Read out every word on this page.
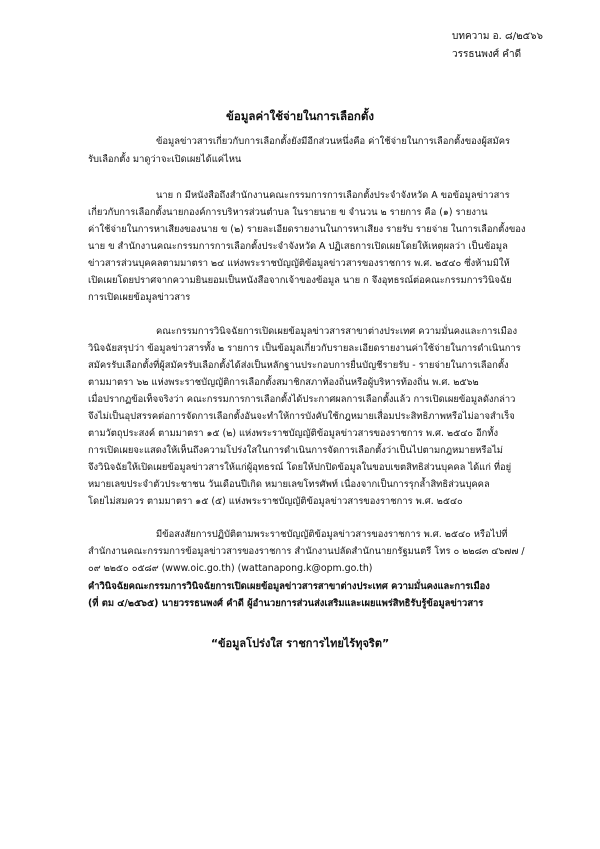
บทความ อ. ๘/๒๕๖๖
วรรธนพงศ์ คำดี
ข้อมูลค่าใช้จ่ายในการเลือกตั้ง
ข้อมูลข่าวสารเกี่ยวกับการเลือกตั้งยังมีอีกส่วนหนึ่งคือ ค่าใช้จ่ายในการเลือกตั้งของผู้สมัคร
รับเลือกตั้ง มาดูว่าจะเปิดเผยได้แค่ไหน
นาย ก มีหนังสือถึงสำนักงานคณะกรรมการการเลือกตั้งประจำจังหวัด A ขอข้อมูลข่าวสาร
เกี่ยวกับการเลือกตั้งนายกองค์การบริหารส่วนตำบล ในรายนาย ข จำนวน ๒ รายการ คือ (๑) รายงาน
ค่าใช้จ่ายในการหาเสียงของนาย ข (๒) รายละเอียดรายงานในการหาเสียง รายรับ รายจ่าย ในการเลือกตั้งของ
นาย ข สำนักงานคณะกรรมการการเลือกตั้งประจำจังหวัด A ปฏิเสธการเปิดเผยโดยให้เหตุผลว่า เป็นข้อมูล
ข่าวสารส่วนบุคคลตามมาตรา ๒๔ แห่งพระราชบัญญัติข้อมูลข่าวสารของราชการ พ.ศ. ๒๕๔๐ ซึ่งห้ามมิให้
เปิดเผยโดยปราศจากความยินยอมเป็นหนังสือจากเจ้าของข้อมูล นาย ก จึงอุทธรณ์ต่อคณะกรรมการวินิจฉัย
การเปิดเผยข้อมูลข่าวสาร
คณะกรรมการวินิจฉัยการเปิดเผยข้อมูลข่าวสารสาขาต่างประเทศ ความมั่นคงและการเมือง
วินิจฉัยสรุปว่า ข้อมูลข่าวสารทั้ง ๒ รายการ เป็นข้อมูลเกี่ยวกับรายละเอียดรายงานค่าใช้จ่ายในการดำเนินการ
สมัครรับเลือกตั้งที่ผู้สมัครรับเลือกตั้งได้ส่งเป็นหลักฐานประกอบการยื่นบัญชีรายรับ - รายจ่ายในการเลือกตั้ง
ตามมาตรา ๖๒ แห่งพระราชบัญญัติการเลือกตั้งสมาชิกสภาท้องถิ่นหรือผู้บริหารท้องถิ่น พ.ศ. ๒๕๖๒
เมื่อปรากฏข้อเท็จจริงว่า คณะกรรมการการเลือกตั้งได้ประกาศผลการเลือกตั้งแล้ว การเปิดเผยข้อมูลดังกล่าว
จึงไม่เป็นอุปสรรคต่อการจัดการเลือกตั้งอันจะทำให้การบังคับใช้กฎหมายเสื่อมประสิทธิภาพหรือไม่อาจสำเร็จ
ตามวัตถุประสงค์ ตามมาตรา ๑๕ (๒) แห่งพระราชบัญญัติข้อมูลข่าวสารของราชการ พ.ศ. ๒๕๔๐ อีกทั้ง
การเปิดเผยจะแสดงให้เห็นถึงความโปร่งใสในการดำเนินการจัดการเลือกตั้งว่าเป็นไปตามกฎหมายหรือไม่
จึงวินิจฉัยให้เปิดเผยข้อมูลข่าวสารให้แก่ผู้อุทธรณ์ โดยให้ปกปิดข้อมูลในขอบเขตสิทธิส่วนบุคคล ได้แก่ ที่อยู่
หมายเลขประจำตัวประชาชน วันเดือนปีเกิด หมายเลขโทรศัพท์ เนื่องจากเป็นการรุกล้ำสิทธิส่วนบุคคล
โดยไม่สมควร ตามมาตรา ๑๕ (๕) แห่งพระราชบัญญัติข้อมูลข่าวสารของราชการ พ.ศ. ๒๕๔๐
มีข้อสงสัยการปฏิบัติตามพระราชบัญญัติข้อมูลข่าวสารของราชการ พ.ศ. ๒๕๔๐ หรือไปที่
สำนักงานคณะกรรมการข้อมูลข่าวสารของราชการ สำนักงานปลัดสำนักนายกรัฐมนตรี โทร ๐ ๒๒๘๓ ๔๖๗๗ /
๐๙ ๒๒๕๐ ๐๕๘๙ (www.oic.go.th) (wattanapong.k@opm.go.th)
คำวินิจฉัยคณะกรรมการวินิจฉัยการเปิดเผยข้อมูลข่าวสารสาขาต่างประเทศ ความมั่นคงและการเมือง
(ที่ ตม ๔/๒๕๖๕) นายวรรธนพงศ์ คำดี ผู้อำนวยการส่วนส่งเสริมและเผยแพร่สิทธิรับรู้ข้อมูลข่าวสาร
“ข้อมูลโปร่งใส ราชการไทยไร้ทุจริต”
